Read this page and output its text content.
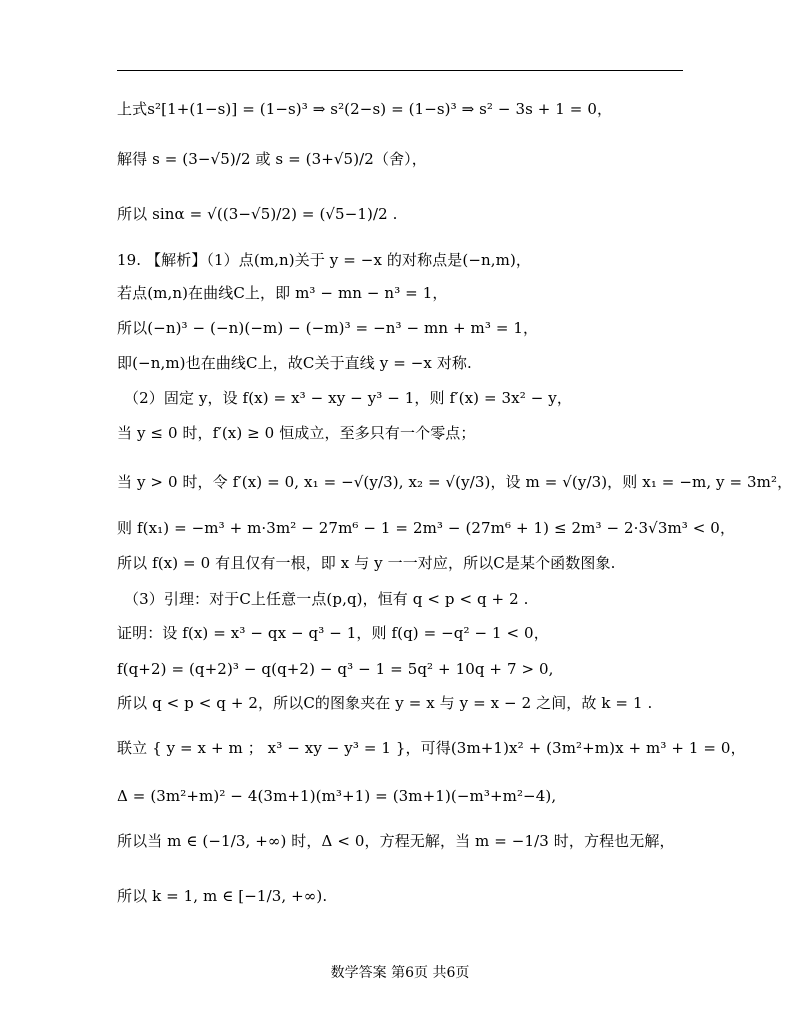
上式s²[1+(1−s)] = (1−s)³ ⇒ s²(2−s) = (1−s)³ ⇒ s² − 3s + 1 = 0，
解得 s = (3−√5)/2 或 s = (3+√5)/2（舍），
所以 sinα = √((3−√5)/2) = (√5−1)/2 .
19. 【解析】（1）点(m,n)关于 y = −x 的对称点是(−n,m)，
若点(m,n)在曲线C上，即 m³ − mn − n³ = 1，
所以(−n)³ − (−n)(−m) − (−m)³ = −n³ − mn + m³ = 1，
即(−n,m)也在曲线C上，故C关于直线 y = −x 对称.
（2）固定 y，设 f(x) = x³ − xy − y³ − 1，则 f′(x) = 3x² − y，
当 y ≤ 0 时，f′(x) ≥ 0 恒成立，至多只有一个零点；
当 y > 0 时，令 f′(x) = 0, x₁ = −√(y/3), x₂ = √(y/3)，设 m = √(y/3)，则 x₁ = −m, y = 3m²，
则 f(x₁) = −m³ + m·3m² − 27m⁶ − 1 = 2m³ − (27m⁶ + 1) ≤ 2m³ − 2·3√3m³ < 0，
所以 f(x) = 0 有且仅有一根，即 x 与 y 一一对应，所以C是某个函数图象.
（3）引理：对于C上任意一点(p,q)，恒有 q < p < q + 2 .
证明：设 f(x) = x³ − qx − q³ − 1，则 f(q) = −q² − 1 < 0，
f(q+2) = (q+2)³ − q(q+2) − q³ − 1 = 5q² + 10q + 7 > 0,
所以 q < p < q + 2，所以C的图象夹在 y = x 与 y = x − 2 之间，故 k = 1 .
联立 { y = x + m ； x³ − xy − y³ = 1 }，可得(3m+1)x² + (3m²+m)x + m³ + 1 = 0，
Δ = (3m²+m)² − 4(3m+1)(m³+1) = (3m+1)(−m³+m²−4),
所以当 m ∈ (−1/3, +∞) 时，Δ < 0，方程无解，当 m = −1/3 时，方程也无解，
所以 k = 1, m ∈ [−1/3, +∞).
数学答案 第6页 共6页
